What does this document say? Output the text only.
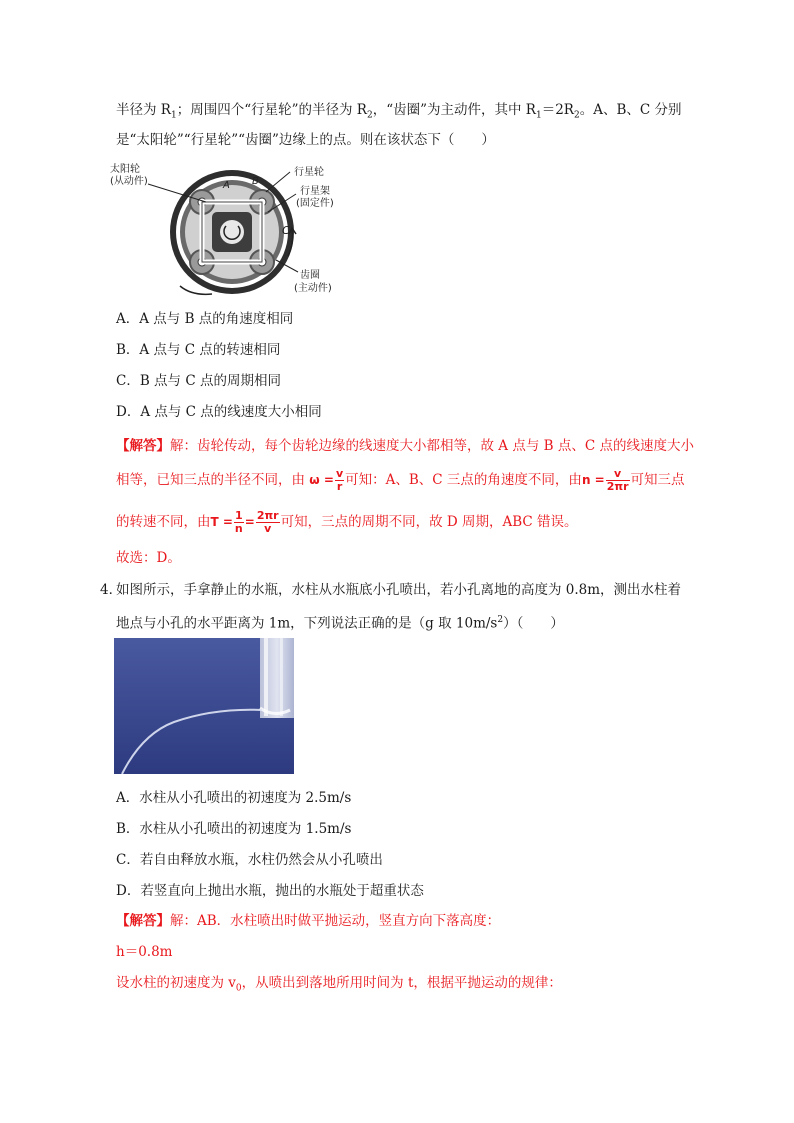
半径为 $R_1$；周围四个“行星轮”的半径为 $R_2$，“齿圈”为主动件，其中 $R_1=2R_2$。A、B、C 分别
是“太阳轮”“行星轮”“齿圈”边缘上的点。则在该状态下（　　）
太阳轮
(从动件)
行星轮
行星架
(固定件)
齿圈
(主动件)
A B
C
A．A 点与 B 点的角速度相同
B．A 点与 C 点的转速相同
C．B 点与 C 点的周期相同
D．A 点与 C 点的线速度大小相同
【解答】解：齿轮传动，每个齿轮边缘的线速度大小都相等，故 A 点与 B 点、C 点的线速度大小
相等，已知三点的半径不同，由 $\omega = \frac{v}{r}$ 可知：A、B、C 三点的角速度不同，由$n = \frac{v}{2\pi r}$ 可知三点
的转速不同，由$T = \frac{1}{n} = \frac{2\pi r}{v}$ 可知，三点的周期不同，故 D 周期，ABC 错误。
故选：D。
4．
如图所示，手拿静止的水瓶，水柱从水瓶底小孔喷出，若小孔离地的高度为 0.8m，测出水柱着
地点与小孔的水平距离为 1m，下列说法正确的是（g 取 $10m/s^2$）（　　）
A．水柱从小孔喷出的初速度为 2.5m/s
B．水柱从小孔喷出的初速度为 1.5m/s
C．若自由释放水瓶，水柱仍然会从小孔喷出
D．若竖直向上抛出水瓶，抛出的水瓶处于超重状态
【解答】解：AB．水柱喷出时做平抛运动，竖直方向下落高度：
h＝0.8m
设水柱的初速度为 $v_0$，从喷出到落地所用时间为 t，根据平抛运动的规律：
